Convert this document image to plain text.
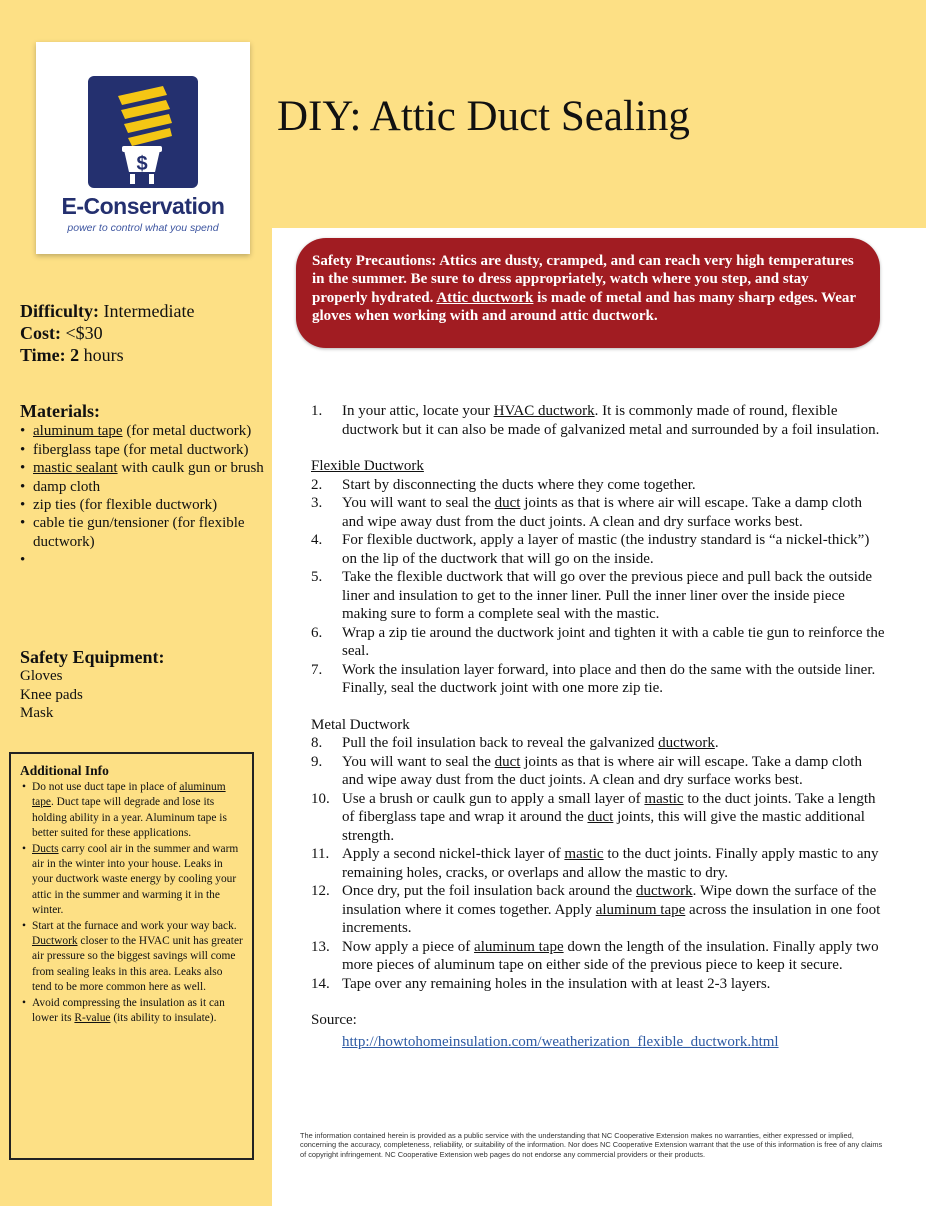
$
E-Conservation
power to control what you spend
DIY: Attic Duct Sealing
Difficulty: Intermediate
Cost: <$30
Time: 2 hours
Materials:
• aluminum tape (for metal ductwork)
• fiberglass tape (for metal ductwork)
• mastic sealant with caulk gun or brush
• damp cloth
• zip ties (for flexible ductwork)
• cable tie gun/tensioner (for flexible ductwork)
•
Safety Equipment:
Gloves
Knee pads
Mask
Additional Info
• Do not use duct tape in place of aluminum tape. Duct tape will degrade and lose its holding ability in a year. Aluminum tape is better suited for these applications.
• Ducts carry cool air in the summer and warm air in the winter into your house. Leaks in your ductwork waste energy by cooling your attic in the summer and warming it in the winter.
• Start at the furnace and work your way back. Ductwork closer to the HVAC unit has greater air pressure so the biggest savings will come from sealing leaks in this area. Leaks also tend to be more common here as well.
• Avoid compressing the insulation as it can lower its R-value (its ability to insulate).
Safety Precautions: Attics are dusty, cramped, and can reach very high temperatures in the summer. Be sure to dress appropriately, watch where you step, and stay properly hydrated. Attic ductwork is made of metal and has many sharp edges. Wear gloves when working with and around attic ductwork.
1. In your attic, locate your HVAC ductwork. It is commonly made of round, flexible ductwork but it can also be made of galvanized metal and surrounded by a foil insulation.
Flexible Ductwork
2. Start by disconnecting the ducts where they come together.
3. You will want to seal the duct joints as that is where air will escape. Take a damp cloth and wipe away dust from the duct joints. A clean and dry surface works best.
4. For flexible ductwork, apply a layer of mastic (the industry standard is “a nickel-thick”) on the lip of the ductwork that will go on the inside.
5. Take the flexible ductwork that will go over the previous piece and pull back the outside liner and insulation to get to the inner liner. Pull the inner liner over the inside piece making sure to form a complete seal with the mastic.
6. Wrap a zip tie around the ductwork joint and tighten it with a cable tie gun to reinforce the seal.
7. Work the insulation layer forward, into place and then do the same with the outside liner. Finally, seal the ductwork joint with one more zip tie.
Metal Ductwork
8. Pull the foil insulation back to reveal the galvanized ductwork.
9. You will want to seal the duct joints as that is where air will escape. Take a damp cloth and wipe away dust from the duct joints. A clean and dry surface works best.
10. Use a brush or caulk gun to apply a small layer of mastic to the duct joints. Take a length of fiberglass tape and wrap it around the duct joints, this will give the mastic additional strength.
11. Apply a second nickel-thick layer of mastic to the duct joints. Finally apply mastic to any remaining holes, cracks, or overlaps and allow the mastic to dry.
12. Once dry, put the foil insulation back around the ductwork. Wipe down the surface of the insulation where it comes together. Apply aluminum tape across the insulation in one foot increments.
13. Now apply a piece of aluminum tape down the length of the insulation. Finally apply two more pieces of aluminum tape on either side of the previous piece to keep it secure.
14. Tape over any remaining holes in the insulation with at least 2-3 layers.
Source:
http://howtohomeinsulation.com/weatherization_flexible_ductwork.html
The information contained herein is provided as a public service with the understanding that NC Cooperative Extension makes no warranties, either expressed or implied, concerning the accuracy, completeness, reliability, or suitability of the information. Nor does NC Cooperative Extension warrant that the use of this information is free of any claims of copyright infringement. NC Cooperative Extension web pages do not endorse any commercial providers or their products.
